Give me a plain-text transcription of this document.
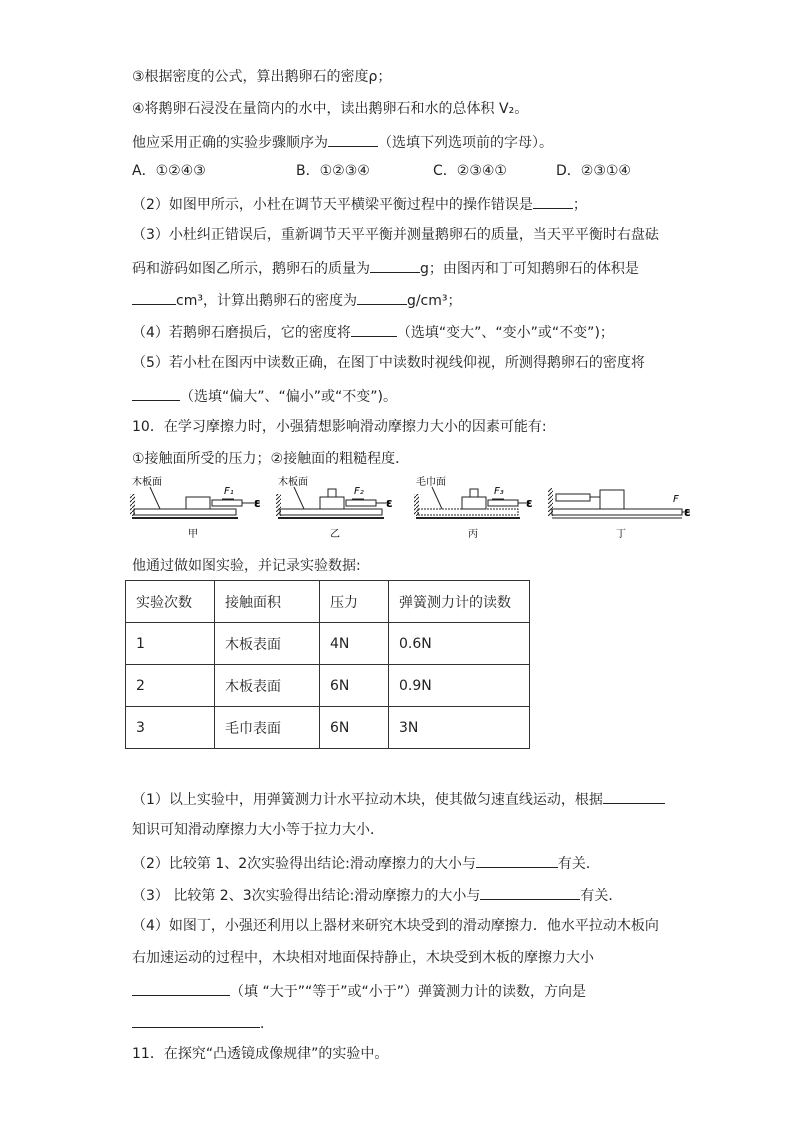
③根据密度的公式，算出鹅卵石的密度ρ；
④将鹅卵石浸没在量筒内的水中，读出鹅卵石和水的总体积 V₂。
他应采用正确的实验步骤顺序为	（选填下列选项前的字母）。
A．①②④③	B．①②③④	C．②③④①	D．②③①④
（2）如图甲所示，小杜在调节天平横梁平衡过程中的操作错误是	；
（3）小杜纠正错误后，重新调节天平平衡并测量鹅卵石的质量，当天平平衡时右盘砝
码和游码如图乙所示，鹅卵石的质量为	g；由图丙和丁可知鹅卵石的体积是
cm³，计算出鹅卵石的密度为	g/cm³；
（4）若鹅卵石磨损后，它的密度将	（选填“变大”、“变小”或“不变”)；
（5）若小杜在图丙中读数正确，在图丁中读数时视线仰视，所测得鹅卵石的密度将
（选填“偏大”、“偏小”或“不变”)。
10．在学习摩擦力时，小强猜想影响滑动摩擦力大小的因素可能有:
①接触面所受的压力；②接触面的粗糙程度．
木板面
ε
F₁
甲
木板面
ε
F₂
乙
毛巾面
ε
F₃
丙
ε
F
丁
他通过做如图实验，并记录实验数据:
实验次数	接触面积	压力	弹簧测力计的读数
1	木板表面	4N	0.6N
2	木板表面	6N	0.9N
3	毛巾表面	6N	3N
（1）以上实验中，用弹簧测力计水平拉动木块，使其做匀速直线运动，根据
知识可知滑动摩擦力大小等于拉力大小．
（2）比较第 1、2次实验得出结论:滑动摩擦力的大小与	有关．
（3） 比较第 2、3次实验得出结论:滑动摩擦力的大小与	有关．
（4）如图丁，小强还利用以上器材来研究木块受到的滑动摩擦力．他水平拉动木板向
右加速运动的过程中，木块相对地面保持静止，木块受到木板的摩擦力大小
（填 “大于”“等于”或“小于”）弹簧测力计的读数，方向是
．
11．在探究“凸透镜成像规律”的实验中。
